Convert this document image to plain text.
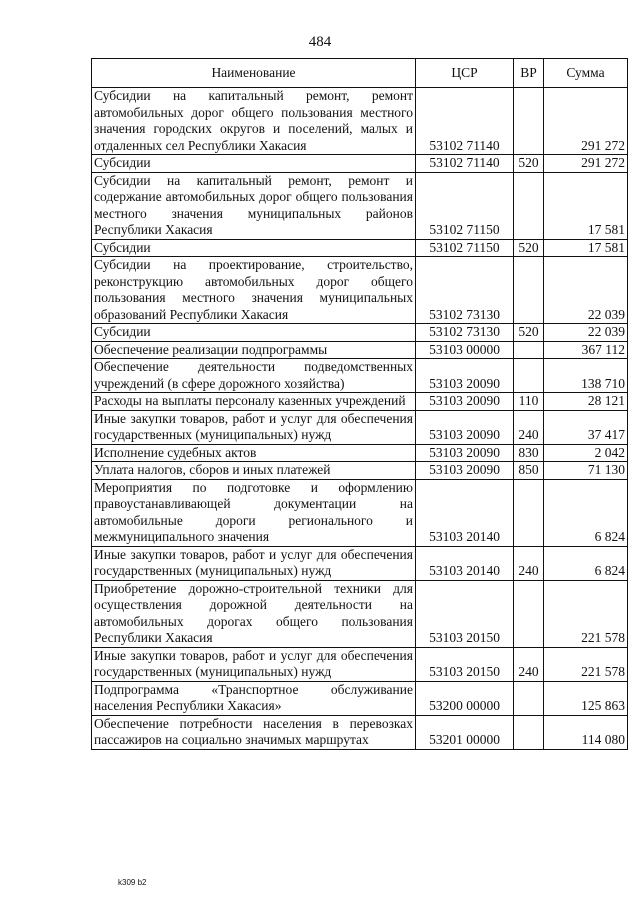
484
Наименование	ЦСР	ВР	Сумма
Субсидии на капитальный ремонт, ремонт автомобильных дорог общего пользования местного значения городских округов и поселений, малых и отдаленных сел Республики Хакасия	53102 71140		291 272
Субсидии	53102 71140	520	291 272
Субсидии на капитальный ремонт, ремонт и содержание автомобильных дорог общего пользования местного значения муниципальных районов Республики Хакасия	53102 71150		17 581
Субсидии	53102 71150	520	17 581
Субсидии на проектирование, строительство, реконструкцию автомобильных дорог общего пользования местного значения муниципальных образований Республики Хакасия	53102 73130		22 039
Субсидии	53102 73130	520	22 039
Обеспечение реализации подпрограммы	53103 00000		367 112
Обеспечение деятельности подведомственных учреждений (в сфере дорожного хозяйства)	53103 20090		138 710
Расходы на выплаты персоналу казенных учреждений	53103 20090	110	28 121
Иные закупки товаров, работ и услуг для обеспечения государственных (муниципальных) нужд	53103 20090	240	37 417
Исполнение судебных актов	53103 20090	830	2 042
Уплата налогов, сборов и иных платежей	53103 20090	850	71 130
Мероприятия по подготовке и оформлению правоустанавливающей документации на автомобильные дороги регионального и межмуниципального значения	53103 20140		6 824
Иные закупки товаров, работ и услуг для обеспечения государственных (муниципальных) нужд	53103 20140	240	6 824
Приобретение дорожно-строительной техники для осуществления дорожной деятельности на автомобильных дорогах общего пользования Республики Хакасия	53103 20150		221 578
Иные закупки товаров, работ и услуг для обеспечения государственных (муниципальных) нужд	53103 20150	240	221 578
Подпрограмма «Транспортное обслуживание населения Республики Хакасия»	53200 00000		125 863
Обеспечение потребности населения в перевозках пассажиров на социально значимых маршрутах	53201 00000		114 080
k309 b2
